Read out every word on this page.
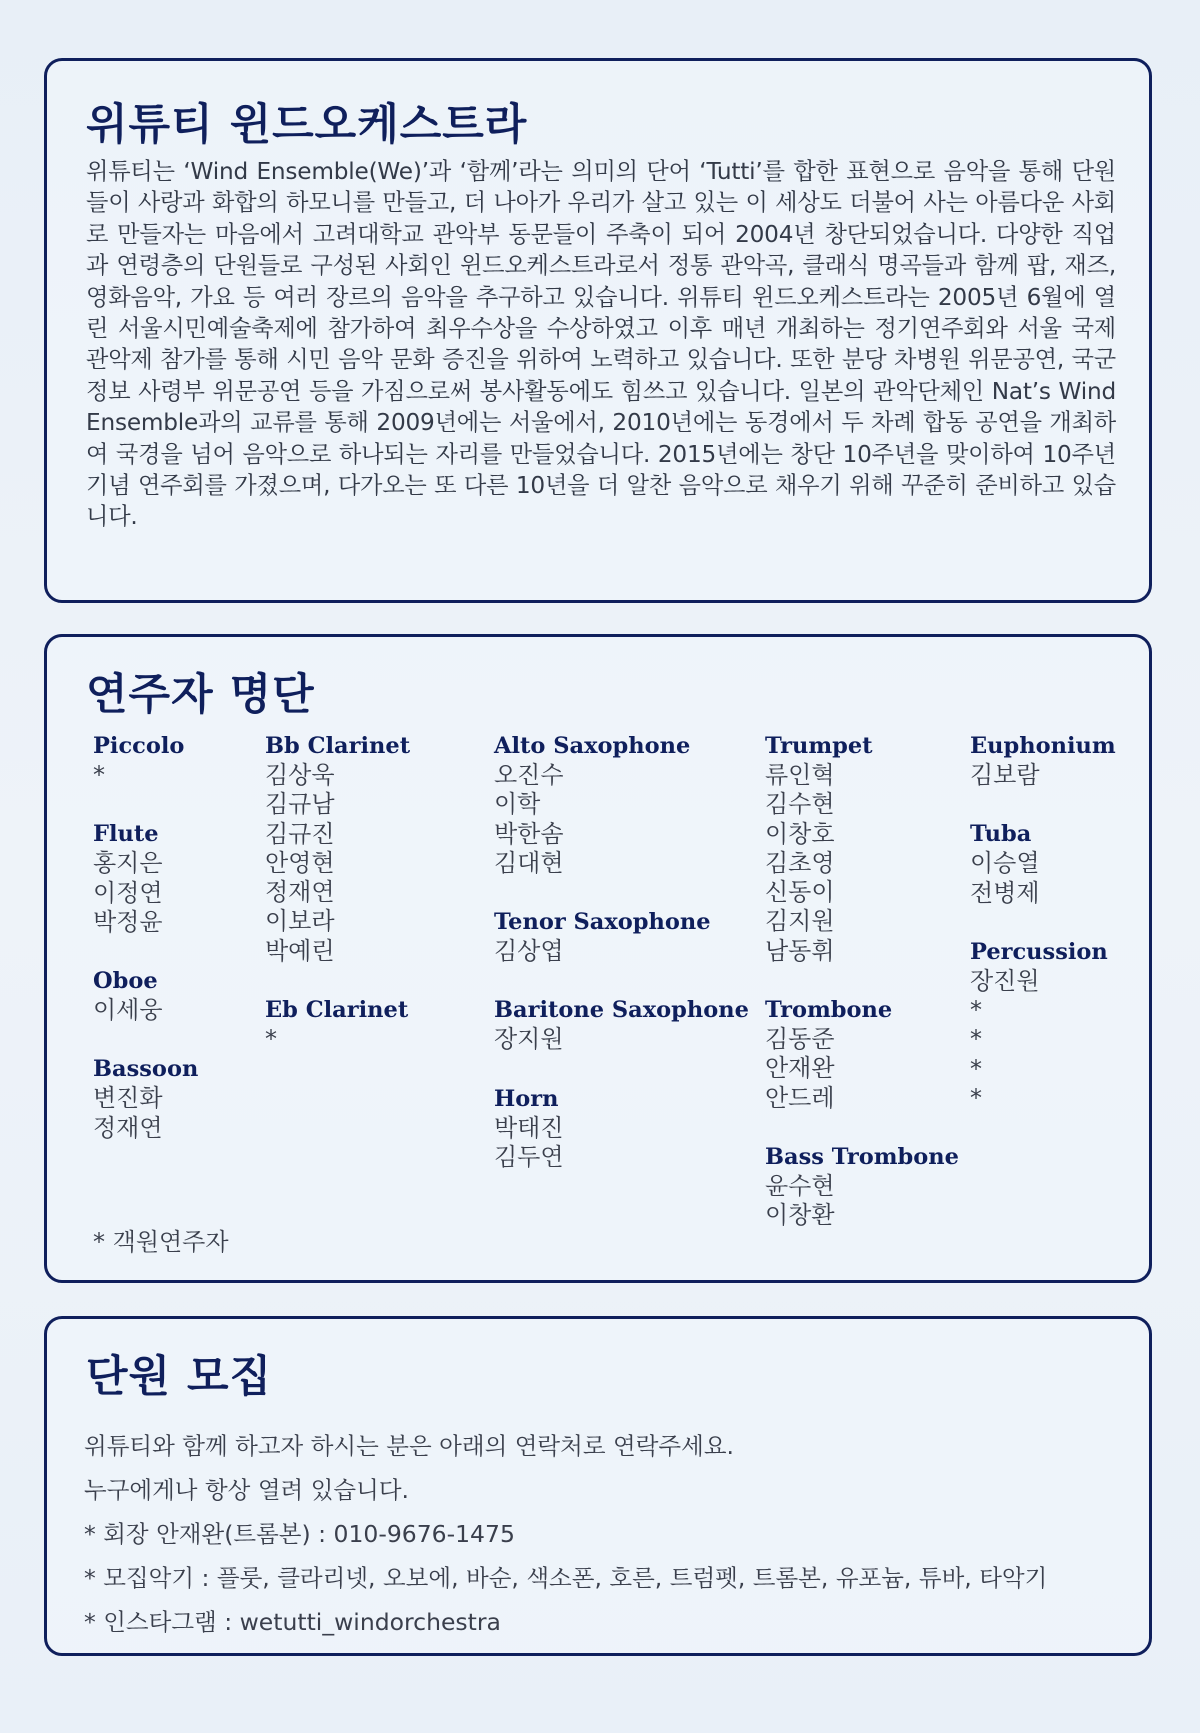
위튜티 윈드오케스트라

위튜티는 ‘Wind Ensemble(We)’과 ‘함께’라는 의미의 단어 ‘Tutti’를 합한 표현으로 음악을 통해 단원들이 사랑과 화합의 하모니를 만들고, 더 나아가 우리가 살고 있는 이 세상도 더불어 사는 아름다운 사회로 만들자는 마음에서 고려대학교 관악부 동문들이 주축이 되어 2004년 창단되었습니다. 다양한 직업과 연령층의 단원들로 구성된 사회인 윈드오케스트라로서 정통 관악곡, 클래식 명곡들과 함께 팝, 재즈, 영화음악, 가요 등 여러 장르의 음악을 추구하고 있습니다. 위튜티 윈드오케스트라는 2005년 6월에 열린 서울시민예술축제에 참가하여 최우수상을 수상하였고 이후 매년 개최하는 정기연주회와 서울 국제 관악제 참가를 통해 시민 음악 문화 증진을 위하여 노력하고 있습니다. 또한 분당 차병원 위문공연, 국군 정보 사령부 위문공연 등을 가짐으로써 봉사활동에도 힘쓰고 있습니다. 일본의 관악단체인 Nat’s Wind Ensemble과의 교류를 통해 2009년에는 서울에서, 2010년에는 동경에서 두 차례 합동 공연을 개최하여 국경을 넘어 음악으로 하나되는 자리를 만들었습니다. 2015년에는 창단 10주년을 맞이하여 10주년 기념 연주회를 가졌으며, 다가오는 또 다른 10년을 더 알찬 음악으로 채우기 위해 꾸준히 준비하고 있습니다.

연주자 명단
Piccolo
*
Flute
홍지은
이정연
박정윤
Oboe
이세웅
Bassoon
변진화
정재연
Bb Clarinet
김상욱
김규남
김규진
안영현
정재연
이보라
박예린
Eb Clarinet
*
Alto Saxophone
오진수
이학
박한솜
김대현
Tenor Saxophone
김상엽
Baritone Saxophone
장지원
Horn
박태진
김두연
Trumpet
류인혁
김수현
이창호
김초영
신동이
김지원
남동휘
Trombone
김동준
안재완
안드레
Bass Trombone
윤수현
이창환
Euphonium
김보람
Tuba
이승열
전병제
Percussion
장진원
*
*
*
*
* 객원연주자
단원 모집
위튜티와 함께 하고자 하시는 분은 아래의 연락처로 연락주세요.
누구에게나 항상 열려 있습니다.
* 회장 안재완(트롬본) : 010-9676-1475
* 모집악기 : 플룻, 클라리넷, 오보에, 바순, 색소폰, 호른, 트럼펫, 트롬본, 유포늄, 튜바, 타악기
* 인스타그램 : wetutti_windorchestra
